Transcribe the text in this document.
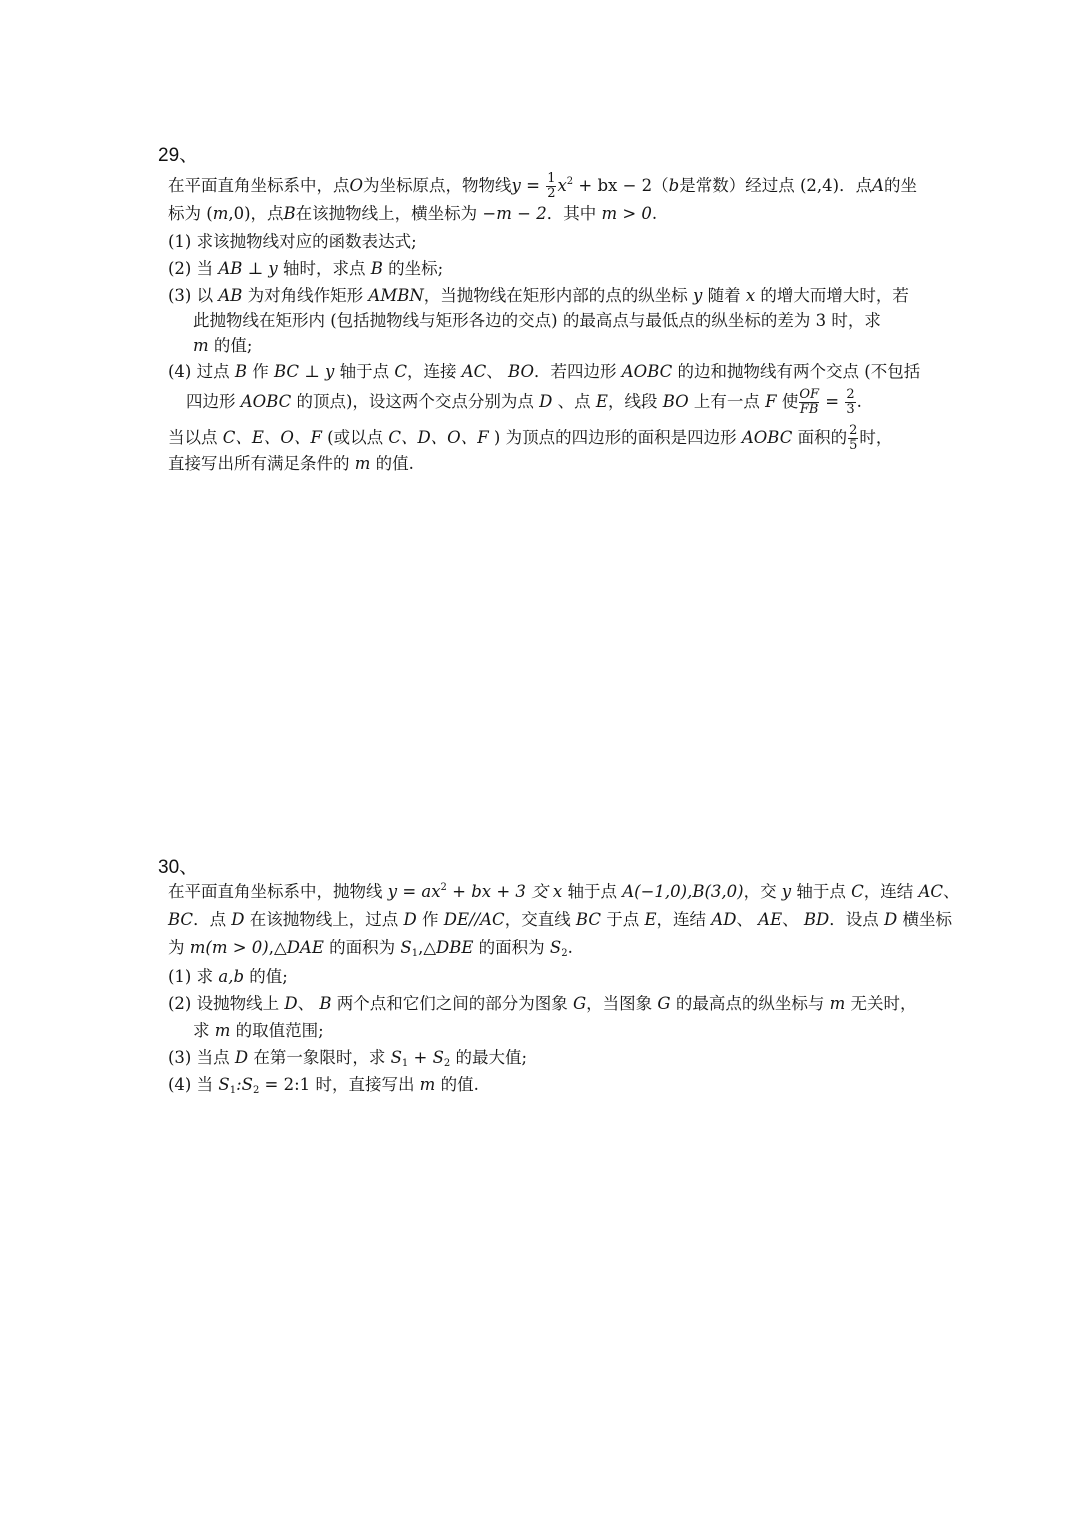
29、
在平面直角坐标系中，点O为坐标原点，物物线$y = \frac{1}{2} x^2$ + bx − 2（b是常数）经过点 (2,4)．点A的坐
标为 (m,0)，点B在该抛物线上，横坐标为 −m − 2．其中 m > 0.
(1) 求该抛物线对应的函数表达式;
(2) 当 AB ⊥ y 轴时，求点 B 的坐标;
(3) 以 AB 为对角线作矩形 AMBN，当抛物线在矩形内部的点的纵坐标 y 随着 x 的增大而增大时，若
此抛物线在矩形内 (包括抛物线与矩形各边的交点) 的最高点与最低点的纵坐标的差为 3 时，求
m 的值;
(4) 过点 B 作 BC ⊥ y 轴于点 C，连接 AC、 BO．若四边形 AOBC 的边和抛物线有两个交点 (不包括
四边形 AOBC 的顶点)，设这两个交点分别为点 D 、点 E，线段 BO 上有一点 F 使 $\frac{OF}{FB} = \frac{2}{3}$ .
当以点 C、E、O、F (或以点 C、D、O、F ) 为顶点的四边形的面积是四边形 AOBC 面积的 $\frac{2}{5}$ 时，
直接写出所有满足条件的 m 的值.
30、
在平面直角坐标系中，抛物线 $y = ax^2$ + bx + 3 交 x 轴于点 A(−1,0),B(3,0)，交 y 轴于点 C，连结 AC、
BC．点 D 在该抛物线上，过点 D 作 DE//AC，交直线 BC 于点 E，连结 AD、 AE、 BD．设点 D 横坐标
为 m(m > 0),△DAE 的面积为 $S_1,\triangle DBE$ 的面积为 $S_2$.
(1) 求 a,b 的值;
(2) 设抛物线上 D、 B 两个点和它们之间的部分为图象 G，当图象 G 的最高点的纵坐标与 m 无关时，
求 m 的取值范围;
(3) 当点 D 在第一象限时，求 $S_1 + S_2$ 的最大值;
(4) 当 $S_1:S_2$ = 2:1 时，直接写出 m 的值.
